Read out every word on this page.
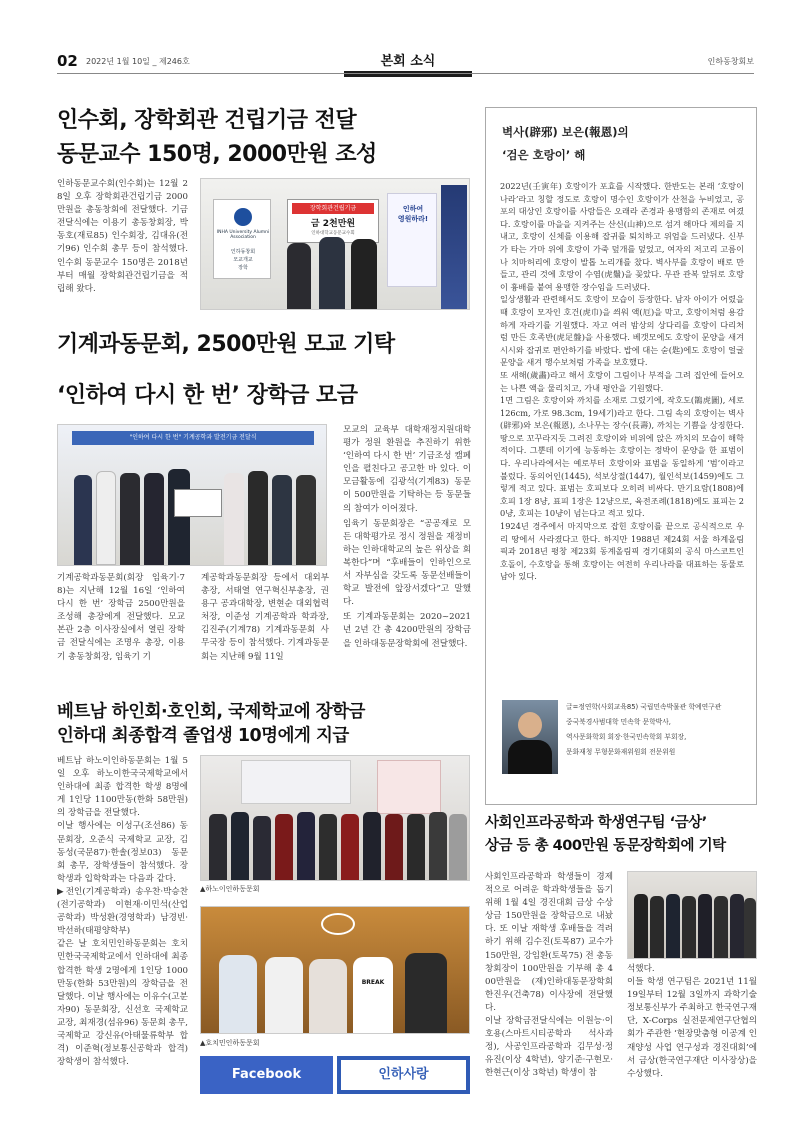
02 2022년 1월 10일 _ 제246호	본회 소식	인하동창회보
인수회, 장학회관 건립기금 전달
동문교수 150명, 2000만원 조성
인하동문교수회(인수회)는 12월 28일 오후 장학회관건립기금 2000만원을 총동창회에 전달했다. 기금전달식에는 이용기 총동창회장, 박동호(재료85) 인수회장, 김대유(전기96) 인수회 총무 등이 참석했다. 인수회 동문교수 150명은 2018년부터 매월 장학회관건립기금을 적립해 왔다.
INHA University Alumni Association
인하동창회
모교개교
장학
장학회관건립기금
금 2천만원
인하대학교동문교수회
인하여
영원하라!
기계과동문회, 2500만원 모교 기탁
‘인하여 다시 한 번’ 장학금 모금
"인하여 다시 한 번" 기계공학과 발전기금 전달식
기계공학과동문회(회장 임육기·78)는 지난해 12월 16일 ‘인하여 다시 한 번’ 장학금 2500만원을 조성해 총장에게 전달했다. 모교 본관 2층 이사장실에서 열린 장학금 전달식에는 조명우 총장, 이용기 총동창회장, 임육기 기
계공학과동문회장 등에서 대외부총장, 서태열 연구혁신부총장, 권용구 공과대학장, 변현순 대외협력처장, 이준성 기계공학과 학과장, 김진주(기계78) 기계과동문회 사무국장 등이 참석했다. 기계과동문회는 지난해 9월 11일
모교의 교육부 대학재정지원대학 평가 정원 환원을 추진하기 위한 ‘인하여 다시 한 번’ 기금조성 캠페인을 펼친다고 공고한 바 있다. 이 모금활동에 김광석(기계83) 동문이 500만원을 기탁하는 등 동문들의 참여가 이어졌다.
임육기 동문회장은 “공공재로 모든 대학평가로 정시 정원을 재정비하는 인하대학교의 높은 위상을 회복한다”며 “후배들이 인하인으로서 자부심을 갖도록 동문선배들이 학교 발전에 앞장서겠다”고 말했다.
또 기계과동문회는 2020~2021년 2년 간 총 4200만원의 장학금을 인하대동문장학회에 전달했다.
베트남 하인회·호인회, 국제학교에 장학금
인하대 최종합격 졸업생 10명에게 지급
베트남 하노이인하동문회는 1월 5일 오후 하노이한국국제학교에서 인하대에 최종 합격한 학생 8명에게 1인당 1100만동(한화 58만원)의 장학금을 전달했다.
이날 행사에는 이성구(조선86) 동문회장, 오준식 국제학교 교장, 김동성(국문87)·한솔(정보03) 동문회 총무, 장학생들이 참석했다. 장학생과 입학학과는 다음과 같다.
▶전인(기계공학과) 송우찬·박승찬(전기공학과) 이현재·이민석(산업공학과) 박성환(경영학과) 남경빈·박선하(태평양학부)
같은 날 호치민인하동문회는 호치민한국국제학교에서 인하대에 최종 합격한 학생 2명에게 1인당 1000만동(한화 53만원)의 장학금을 전달했다. 이날 행사에는 이유수(고분자90) 동문회장, 신선호 국제학교 교장, 최재경(섬유96) 동문회 총무, 국제학교 강신유(아태물류학부 합격) 이준혁(정보통신공학과 합격) 장학생이 참석했다.
▲하노이인하동문회
BREAK
▲호치민인하동문회
Facebook	인하사랑
벽사(辟邪) 보은(報恩)의
‘검은 호랑이’ 해
2022년(壬寅年) 호랑이가 포효를 시작했다. 한반도는 본래 ‘호랑이 나라’라고 칭할 정도로 호랑이 명수인 호랑이가 산천을 누비었고, 공포의 대상인 호랑이를 사람들은 오래라 존경과 용맹함의 존재로 여겼다. 호랑이를 마을을 지켜주는 산신(山神)으로 섬겨 해마다 제의를 지내고, 호랑이 신체를 이용해 잡귀를 퇴치하고 위엄을 드러냈다. 신부가 타는 가마 위에 호랑이 가죽 덮개를 덮었고, 여자의 저고리 고름이나 치마허리에 호랑이 발톱 노리개를 찼다. 벽사부를 호랑이 배로 만들고, 관리 것에 호랑이 수염(虎鬚)을 꽂았다. 무관 관복 앞뒤로 호랑이 흉배를 붙여 용맹한 장수임을 드러냈다.
일상생활과 관련해서도 호랑이 모습이 등장한다. 남자 아이가 어렸을 때 호랑이 모자인 호건(虎巾)을 씌워 액(厄)을 막고, 호랑이처럼 용감하게 자라기를 기원했다. 자고 여러 밤상의 상다리를 호랑이 다리처럼 만든 호족반(虎足盤)을 사용했다. 베갯모에도 호랑이 문양을 새겨 시시와 잡귀로 편안하기를 바랐다. 밥에 대는 숟(匙)에도 호랑이 얼굴 문양을 새겨 행수보처럼 가족을 보호했다.
또 새해(歲畵)라고 해서 호랑이 그림이나 부적을 그려 집안에 들어오는 나쁜 액을 물리치고, 가내 평안을 기원했다.
1면 그림은 호랑이와 까치를 소재로 그렸기에, 작호도(鵲虎圖), 세로 126cm, 가로 98.3cm, 19세기)라고 한다. 그림 속의 호랑이는 벽사(辟邪)와 보은(報恩), 소나무는 장수(長壽), 까치는 기쁨을 상징한다. 땅으로 꼬꾸라지듯 그려진 호랑이와 비위에 앉은 까치의 모습이 해학적이다. 그뿐데 이기에 능동하는 호랑이는 정박이 문양을 한 표범이다. 우리나라에서는 예로부터 호랑이와 표범을 동일하게 ‘범’이라고 불렀다. 동의어인(1445), 석보상절(1447), 월인석보(1459)에도 그렇게 적고 있다. 표범는 호피보다 오히려 비싸다. 만기요람(1808)에 호피 1장 8냥, 표피 1장은 12냥으로, 육전조례(1818)에도 표피는 20냥, 호피는 10냥이 넘는다고 적고 있다.
1924년 경주에서 마지막으로 잡힌 호랑이를 끝으로 공식적으로 우리 땅에서 사라졌다고 한다. 하지만 1988년 제24회 서울 하계올림픽과 2018년 평창 제23회 동계올림픽 경기대회의 공식 마스코트인 호돌이, 수호랑을 통해 호랑이는 여전히 우리나라를 대표하는 동물로 남아 있다.
글=정연학(사회교육85) 국립민속박물관 학예연구관
중국북경사범대학 민속학 문학박사,
역사문화학회 회장·한국민속학회 부회장,
문화재청 무형문화재위원회 전문위원
사회인프라공학과 학생연구팀 ‘금상’
상금 등 총 400만원 동문장학회에 기탁
사회인프라공학과 학생들이 경제적으로 어려운 학과학생들을 돕기 위해 1월 4일 경진대회 금상 수상상금 150만원을 장학금으로 내놨다. 또 이날 재학생 후배들을 격려하기 위해 김수진(토목87) 교수가 150만원, 강임환(토목75) 전 총동창회장이 100만원을 기부해 총 400만원을 (재)인하대동문장학회 한진우(건축78) 이사장에 전달했다.
이날 장학금전달식에는 이원능·이호용(스마트시티공학과 석사과정), 사공인프라공학과 김무성·정유진(이상 4학년), 양기준·구현모·한현근(이상 3학년) 학생이 참
석했다.
이들 학생 연구팀은 2021년 11월 19일부터 12월 3일까지 과학기술정보통신부가 주최하고 한국연구재단, X-Corps 실전문제연구단협의회가 주관한 ‘현장맞춤형 이공계 인재양성 사업 연구성과 경진대회’에서 금상(한국연구재단 이사장상)을 수상했다.
